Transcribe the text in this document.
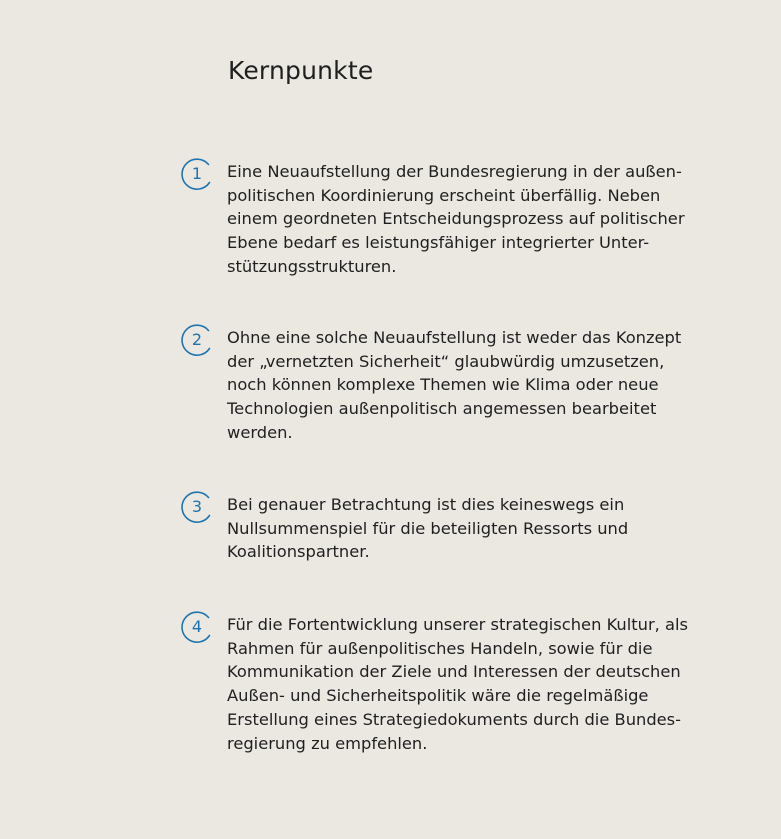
Kernpunkte
1	Eine Neuaufstellung der Bundesregierung in der außen-
politischen Koordinierung erscheint überfällig. Neben
einem geordneten Entscheidungsprozess auf politischer
Ebene bedarf es leistungsfähiger integrierter Unter-
stützungsstrukturen.
2	Ohne eine solche Neuaufstellung ist weder das Konzept
der „vernetzten Sicherheit“ glaubwürdig umzusetzen,
noch können komplexe Themen wie Klima oder neue
Technologien außenpolitisch angemessen bearbeitet
werden.
3	Bei genauer Betrachtung ist dies keineswegs ein
Nullsummenspiel für die beteiligten Ressorts und
Koalitionspartner.
4	Für die Fortentwicklung unserer strategischen Kultur, als
Rahmen für außenpolitisches Handeln, sowie für die
Kommunikation der Ziele und Interessen der deutschen
Außen- und Sicherheitspolitik wäre die regelmäßige
Erstellung eines Strategiedokuments durch die Bundes-
regierung zu empfehlen.
